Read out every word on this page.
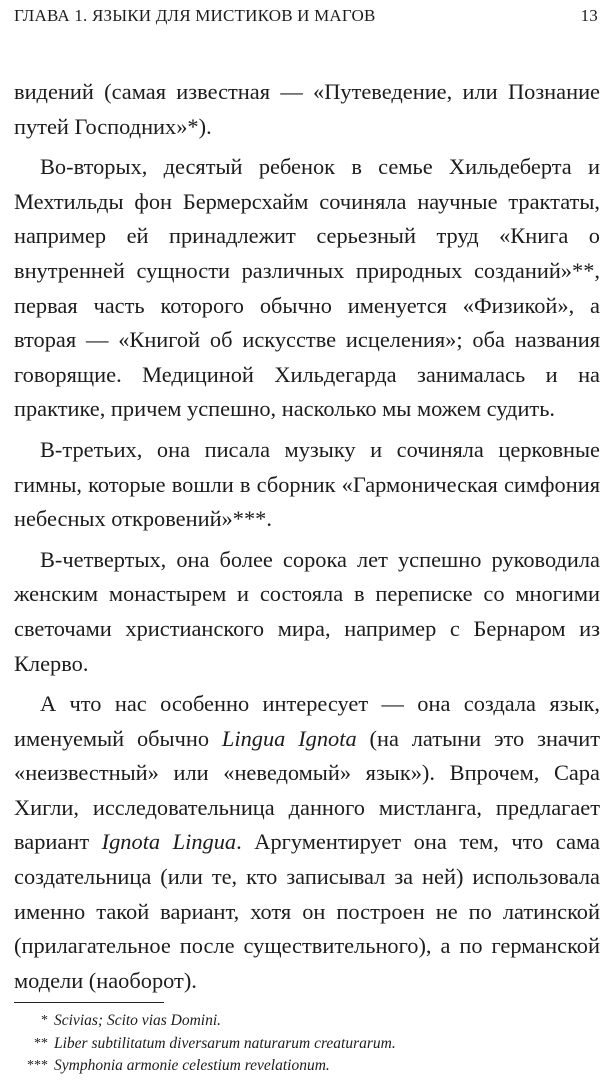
ГЛАВА 1. ЯЗЫКИ ДЛЯ МИСТИКОВ И МАГОВ	13

видений (самая известная — «Путеведение, или Познание путей Господних»*).

Во-вторых, десятый ребенок в семье Хильдеберта и Мехтильды фон Бермерсхайм сочиняла научные трактаты, например ей принадлежит серьезный труд «Книга о внутренней сущности различных природных созданий»**, первая часть которого обычно именуется «Физикой», а вторая — «Книгой об искусстве исцеления»; оба названия говорящие. Медициной Хильдегарда занималась и на практике, причем успешно, насколько мы можем судить.

В-третьих, она писала музыку и сочиняла церковные гимны, которые вошли в сборник «Гармоническая симфония небесных откровений»***.

В-четвертых, она более сорока лет успешно руководила женским монастырем и состояла в переписке со многими светочами христианского мира, например с Бернаром из Клерво.

А что нас особенно интересует — она создала язык, именуемый обычно Lingua Ignota (на латыни это значит «неизвестный» или «неведомый» язык»). Впрочем, Сара Хигли, исследовательница данного мистланга, предлагает вариант Ignota Lingua. Аргументирует она тем, что сама создательница (или те, кто записывал за ней) использовала именно такой вариант, хотя он построен не по латинской (прилагательное после существительного), а по германской модели (наоборот).

* Scivias; Scito vias Domini.
** Liber subtilitatum diversarum naturarum creaturarum.
*** Symphonia armonie celestium revelationum.
